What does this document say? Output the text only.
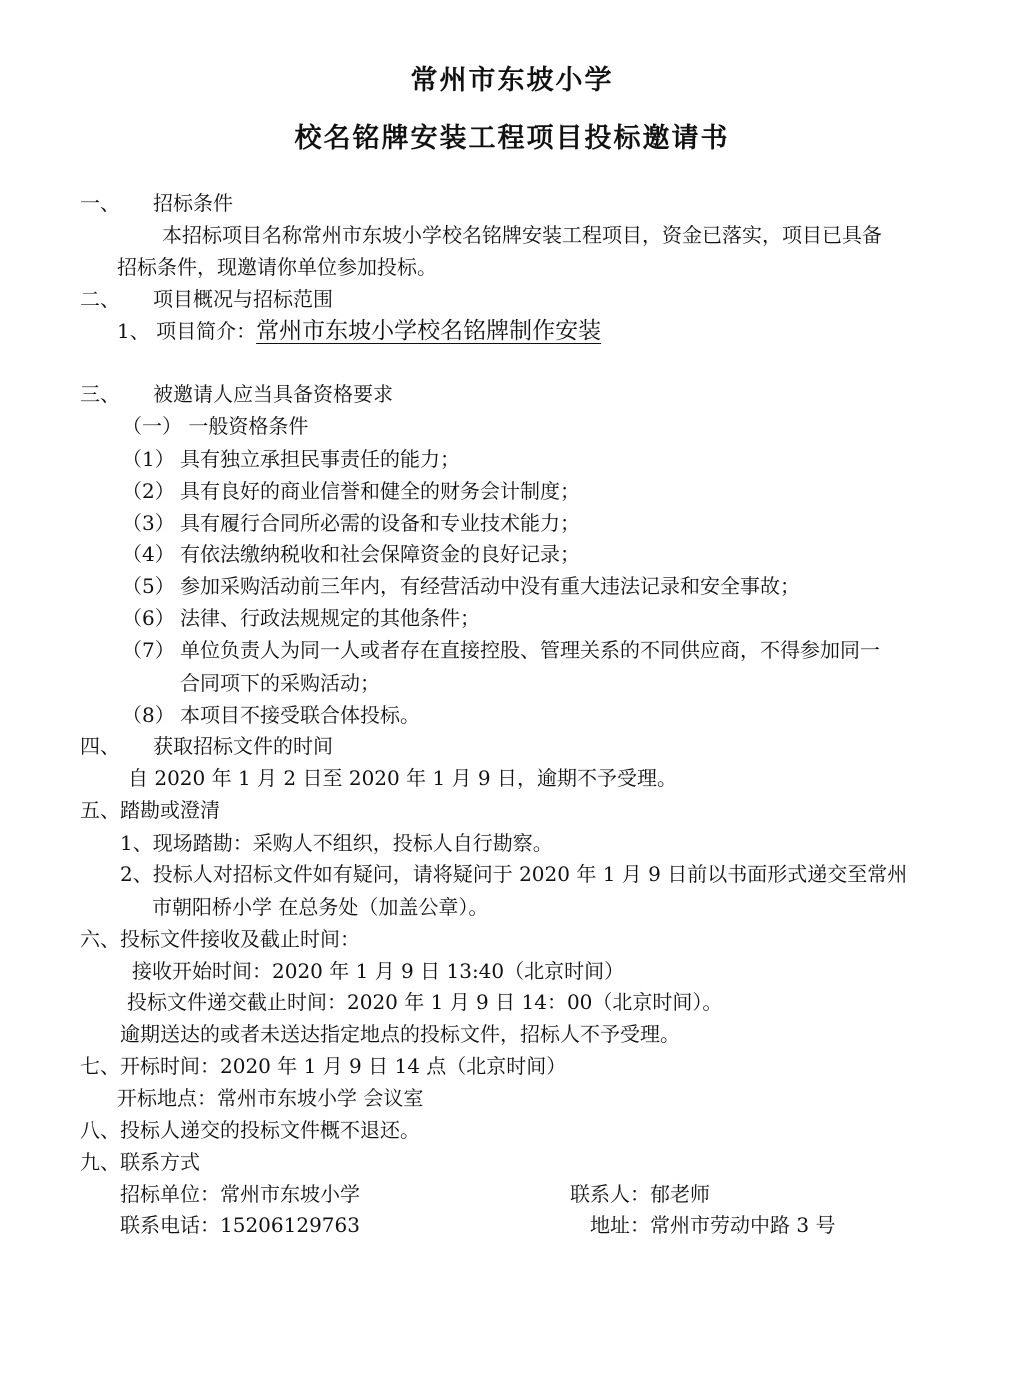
常州市东坡小学
校名铭牌安装工程项目投标邀请书
一、 招标条件
本招标项目名称常州市东坡小学校名铭牌安装工程项目，资金已落实，项目已具备
招标条件，现邀请你单位参加投标。
二、 项目概况与招标范围
1、 项目简介：常州市东坡小学校名铭牌制作安装
三、 被邀请人应当具备资格要求
（一） 一般资格条件
（1） 具有独立承担民事责任的能力；
（2） 具有良好的商业信誉和健全的财务会计制度；
（3） 具有履行合同所必需的设备和专业技术能力；
（4） 有依法缴纳税收和社会保障资金的良好记录；
（5） 参加采购活动前三年内，有经营活动中没有重大违法记录和安全事故；
（6） 法律、行政法规规定的其他条件；
（7） 单位负责人为同一人或者存在直接控股、管理关系的不同供应商，不得参加同一
合同项下的采购活动；
（8） 本项目不接受联合体投标。
四、 获取招标文件的时间
自 2020 年 1 月 2 日至 2020 年 1 月 9 日，逾期不予受理。
五、踏勘或澄清
1、现场踏勘：采购人不组织，投标人自行勘察。
2、投标人对招标文件如有疑问，请将疑问于 2020 年 1 月 9 日前以书面形式递交至常州
市朝阳桥小学 在总务处（加盖公章）。
六、投标文件接收及截止时间：
接收开始时间：2020 年 1 月 9 日 13:40（北京时间）
投标文件递交截止时间：2020 年 1 月 9 日 14：00（北京时间）。
逾期送达的或者未送达指定地点的投标文件，招标人不予受理。
七、开标时间：2020 年 1 月 9 日 14 点（北京时间）
开标地点：常州市东坡小学 会议室
八、投标人递交的投标文件概不退还。
九、联系方式
招标单位：常州市东坡小学	联系人：郁老师
联系电话：15206129763	地址：常州市劳动中路 3 号
